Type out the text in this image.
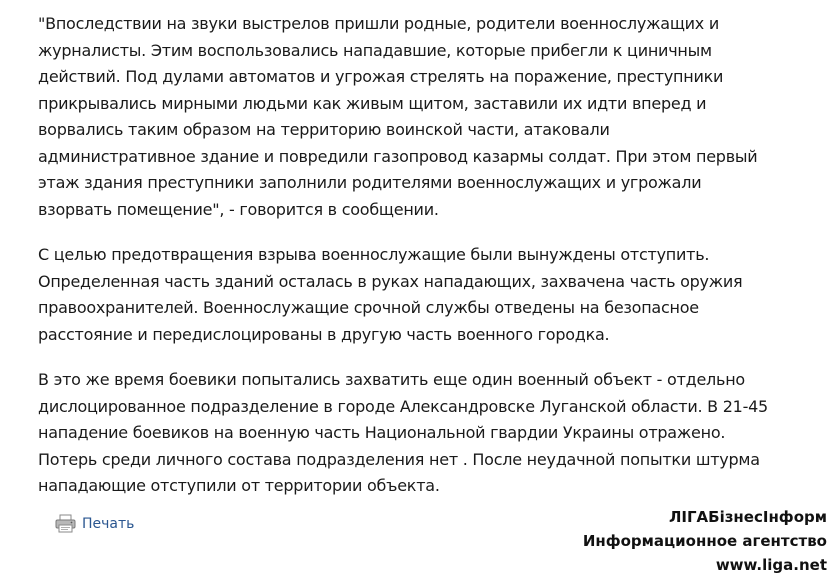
"Впоследствии на звуки выстрелов пришли родные, родители военнослужащих и
журналисты. Этим воспользовались нападавшие, которые прибегли к циничным
действий. Под дулами автоматов и угрожая стрелять на поражение, преступники
прикрывались мирными людьми как живым щитом, заставили их идти вперед и
ворвались таким образом на территорию воинской части, атаковали
административное здание и повредили газопровод казармы солдат. При этом первый
этаж здания преступники заполнили родителями военнослужащих и угрожали
взорвать помещение", - говорится в сообщении.

С целью предотвращения взрыва военнослужащие были вынуждены отступить.
Определенная часть зданий осталась в руках нападающих, захвачена часть оружия
правоохранителей. Военнослужащие срочной службы отведены на безопасное
расстояние и передислоцированы в другую часть военного городка.

В это же время боевики попытались захватить еще один военный объект - отдельно
дислоцированное подразделение в городе Александровске Луганской области. В 21-45
нападение боевиков на военную часть Национальной гвардии Украины отражено.
Потерь среди личного состава подразделения нет . После неудачной попытки штурма
нападающие отступили от территории объекта.

Печать	ЛІГАБізнесІнформ
Информационное агентство
www.liga.net
